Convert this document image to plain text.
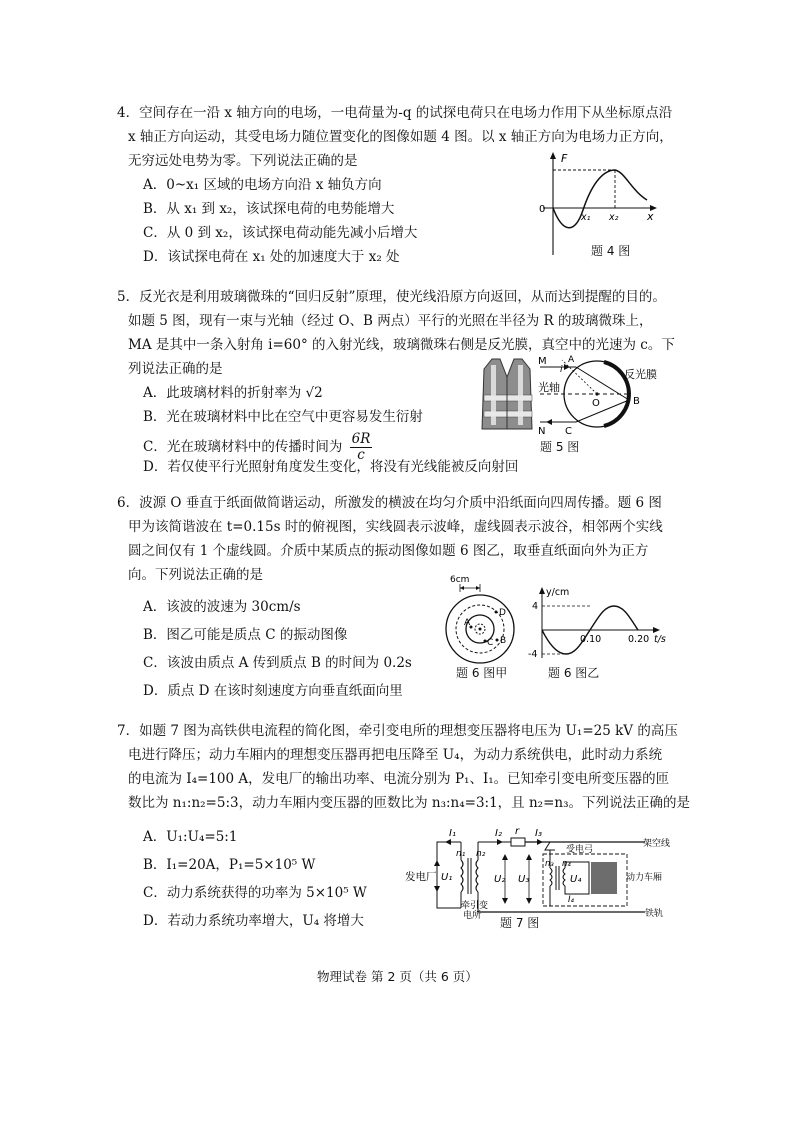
4．空间存在一沿 x 轴方向的电场，一电荷量为-q 的试探电荷只在电场力作用下从坐标原点沿
x 轴正方向运动，其受电场力随位置变化的图像如题 4 图。以 x 轴正方向为电场力正方向，
无穷远处电势为零。下列说法正确的是
A．0~x₁ 区域的电场方向沿 x 轴负方向
B．从 x₁ 到 x₂，该试探电荷的电势能增大
C．从 0 到 x₂，该试探电荷动能先减小后增大
D．该试探电荷在 x₁ 处的加速度大于 x₂ 处
F
0
x₁ x₂	x
题 4 图
5．反光衣是利用玻璃微珠的“回归反射”原理，使光线沿原方向返回，从而达到提醒的目的。
如题 5 图，现有一束与光轴（经过 O、B 两点）平行的光照在半径为 R 的玻璃微珠上，
MA 是其中一条入射角 i=60° 的入射光线，玻璃微珠右侧是反光膜，真空中的光速为 c。下
列说法正确的是
A．此玻璃材料的折射率为 √2
B．光在玻璃材料中比在空气中更容易发生衍射
C．光在玻璃材料中的传播时间为 $\frac{6R}{c}$
D．若仅使平行光照射角度发生变化，将没有光线能被反向射回
M A
i	反光膜
光轴
O	B
N C
题 5 图
6．波源 O 垂直于纸面做简谐运动，所激发的横波在均匀介质中沿纸面向四周传播。题 6 图
甲为该简谐波在 t=0.15s 时的俯视图，实线圆表示波峰，虚线圆表示波谷，相邻两个实线
圆之间仅有 1 个虚线圆。介质中某质点的振动图像如题 6 图乙，取垂直纸面向外为正方
向。下列说法正确的是
A．该波的波速为 30cm/s
B．图乙可能是质点 C 的振动图像
C．该波由质点 A 传到质点 B 的时间为 0.2s
D．质点 D 在该时刻速度方向垂直纸面向里
6cm
A
B
C
D
题 6 图甲
y/cm
4
-4
0.10	0.20 t/s
题 6 图乙
7．如题 7 图为高铁供电流程的简化图，牵引变电所的理想变压器将电压为 U₁=25 kV 的高压
电进行降压；动力车厢内的理想变压器再把电压降至 U₄，为动力系统供电，此时动力系统
的电流为 I₄=100 A，发电厂的输出功率、电流分别为 P₁、I₁。已知牵引变电所变压器的匝
数比为 n₁:n₂=5:3，动力车厢内变压器的匝数比为 n₃:n₄=3:1，且 n₂=n₃。下列说法正确的是
A．U₁:U₄=5:1
B．I₁=20A，P₁=5×10⁵ W
C．动力系统获得的功率为 5×10⁵ W
D．若动力系统功率增大，U₄ 将增大
发电厂
I₁
U₁
n₁ n₂
I₂ r I₃
U₂ U₃
受电弓
n₃ n₄
U₄
I₄
牵引变
电所
架空线
动力车厢
铁轨
题 7 图
物理试卷 第 2 页（共 6 页）
